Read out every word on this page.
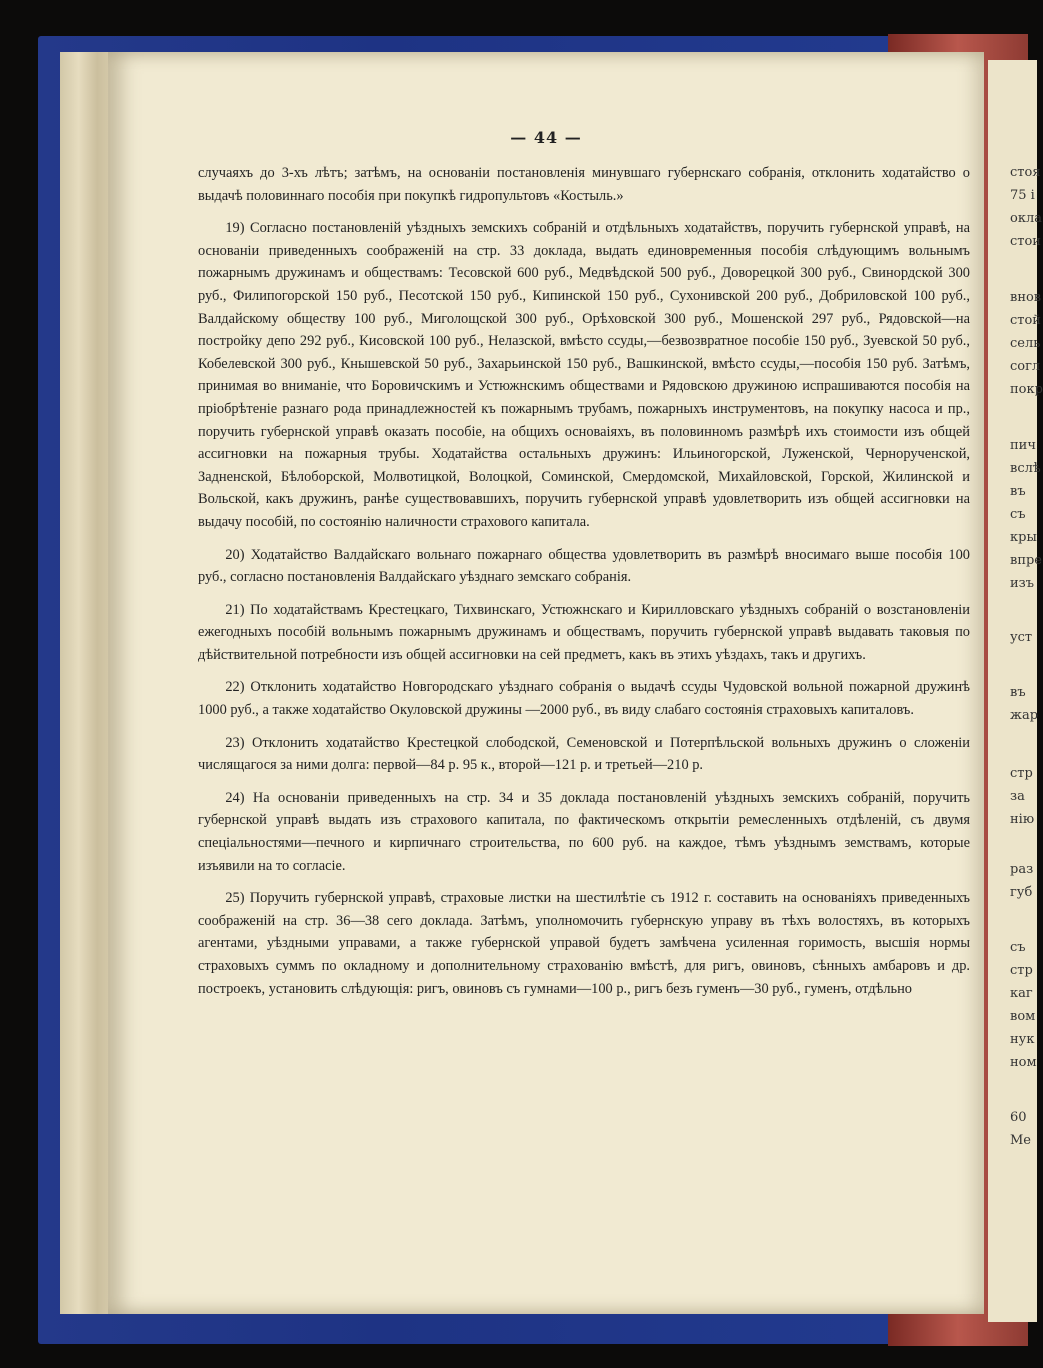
— 44 —

случаяхъ до 3-хъ лѣтъ; затѣмъ, на основаніи постановленія минувшаго губернскаго собранія, отклонить ходатайство о выдачѣ половиннаго пособія при покупкѣ гидропультовъ «Костыль.»

19) Согласно постановленій уѣздныхъ земскихъ собраній и отдѣльныхъ ходатайствъ, поручить губернской управѣ, на основаніи приведенныхъ соображеній на стр. 33 доклада, выдать единовременныя пособія слѣдующимъ вольнымъ пожарнымъ дружинамъ и обществамъ: Тесовской 600 руб., Медвѣдской 500 руб., Доворецкой 300 руб., Свинордской 300 руб., Филипогорской 150 руб., Песотской 150 руб., Кипинской 150 руб., Сухонивской 200 руб., Добриловской 100 руб., Валдайскому обществу 100 руб., Миголощской 300 руб., Орѣховской 300 руб., Мошенской 297 руб., Рядовской—на постройку депо 292 руб., Кисовской 100 руб., Нелазской, вмѣсто ссуды,—безвозвратное пособіе 150 руб., Зуевской 50 руб., Кобелевской 300 руб., Кнышевской 50 руб., Захарьинской 150 руб., Вашкинской, вмѣсто ссуды,—пособія 150 руб. Затѣмъ, принимая во вниманіе, что Боровичскимъ и Устюжнскимъ обществами и Рядовскою дружиною испрашиваются пособія на пріобрѣтеніе разнаго рода принадлежностей къ пожарнымъ трубамъ, пожарныхъ инструментовъ, на покупку насоса и пр., поручить губернской управѣ оказать пособіе, на общихъ основаіяхъ, въ половинномъ размѣрѣ ихъ стоимости изъ общей ассигновки на пожарныя трубы. Ходатайства остальныхъ дружинъ: Ильиногорской, Луженской, Чернорученской, Задненской, Бѣлоборской, Молвотицкой, Волоцкой, Соминской, Смердомской, Михайловской, Горской, Жилинской и Вольской, какъ дружинъ, ранѣе существовавшихъ, поручить губернской управѣ удовлетворить изъ общей ассигновки на выдачу пособій, по состоянію наличности страхового капитала.

20) Ходатайство Валдайскаго вольнаго пожарнаго общества удовлетворить въ размѣрѣ вносимаго выше пособія 100 руб., согласно постановленія Валдайскаго уѣзднаго земскаго собранія.

21) По ходатайствамъ Крестецкаго, Тихвинскаго, Устюжнскаго и Кирилловскаго уѣздныхъ собраній о возстановленіи ежегодныхъ пособій вольнымъ пожарнымъ дружинамъ и обществамъ, поручить губернской управѣ выдавать таковыя по дѣйствительной потребности изъ общей ассигновки на сей предметъ, какъ въ этихъ уѣздахъ, такъ и другихъ.

22) Отклонить ходатайство Новгородскаго уѣзднаго собранія о выдачѣ ссуды Чудовской вольной пожарной дружинѣ 1000 руб., а также ходатайство Окуловской дружины —2000 руб., въ виду слабаго состоянія страховыхъ капиталовъ.

23) Отклонить ходатайство Крестецкой слободской, Семеновской и Потерпѣльской вольныхъ дружинъ о сложеніи числящагося за ними долга: первой—84 р. 95 к., второй—121 р. и третьей—210 р.

24) На основаніи приведенныхъ на стр. 34 и 35 доклада постановленій уѣздныхъ земскихъ собраній, поручить губернской управѣ выдать изъ страхового капитала, по фактическомъ открытіи ремесленныхъ отдѣленій, съ двумя спеціальностями—печного и кирпичнаго строительства, по 600 руб. на каждое, тѣмъ уѣзднымъ земствамъ, которые изъявили на то согласіе.

25) Поручить губернской управѣ, страховые листки на шестилѣтіе съ 1912 г. составить на основаніяхъ приведенныхъ соображеній на стр. 36—38 сего доклада. Затѣмъ, уполномочить губернскую управу въ тѣхъ волостяхъ, въ которыхъ агентами, уѣздными управами, а также губернской управой будетъ замѣчена усиленная горимость, высшія нормы страховыхъ суммъ по окладному и дополнительному страхованію вмѣстѣ, для ригъ, овиновъ, сѣнныхъ амбаровъ и др. построекъ, установить слѣдующія: ригъ, овиновъ съ гумнами—100 р., ригъ безъ гуменъ—30 руб., гуменъ, отдѣльно

стоя
75 і
окла
стои
внов
стой
сель
согл
покр
пич
вслѣ
въ
съ
кры
впре
изъ
уст
въ
жар
стр
за
нію
раз
губ
съ
стр
каг
вом
нук
ном
60
Ме
